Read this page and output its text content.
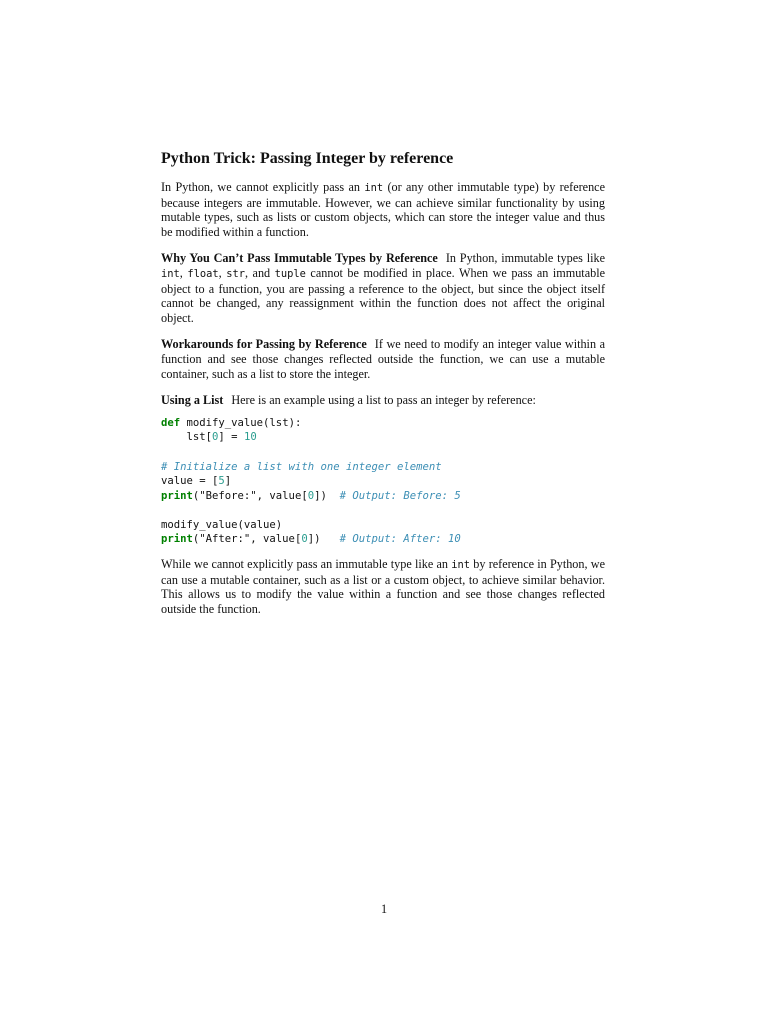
Python Trick: Passing Integer by reference

In Python, we cannot explicitly pass an int (or any other immutable type) by reference because integers are immutable. However, we can achieve similar functionality by using mutable types, such as lists or custom objects, which can store the integer value and thus be modified within a function.

Why You Can’t Pass Immutable Types by Reference In Python, immutable types like int, float, str, and tuple cannot be modified in place. When we pass an immutable object to a function, you are passing a reference to the object, but since the object itself cannot be changed, any reassignment within the function does not affect the original object.

Workarounds for Passing by Reference If we need to modify an integer value within a function and see those changes reflected outside the function, we can use a mutable container, such as a list to store the integer.

Using a List Here is an example using a list to pass an integer by reference:

def modify_value(lst):
lst[0] = 10
# Initialize a list with one integer element
value = [5]
print("Before:", value[0])  # Output: Before: 5
modify_value(value)
print("After:", value[0])   # Output: After: 10

While we cannot explicitly pass an immutable type like an int by reference in Python, we can use a mutable container, such as a list or a custom object, to achieve similar behavior. This allows us to modify the value within a function and see those changes reflected outside the function.

1
